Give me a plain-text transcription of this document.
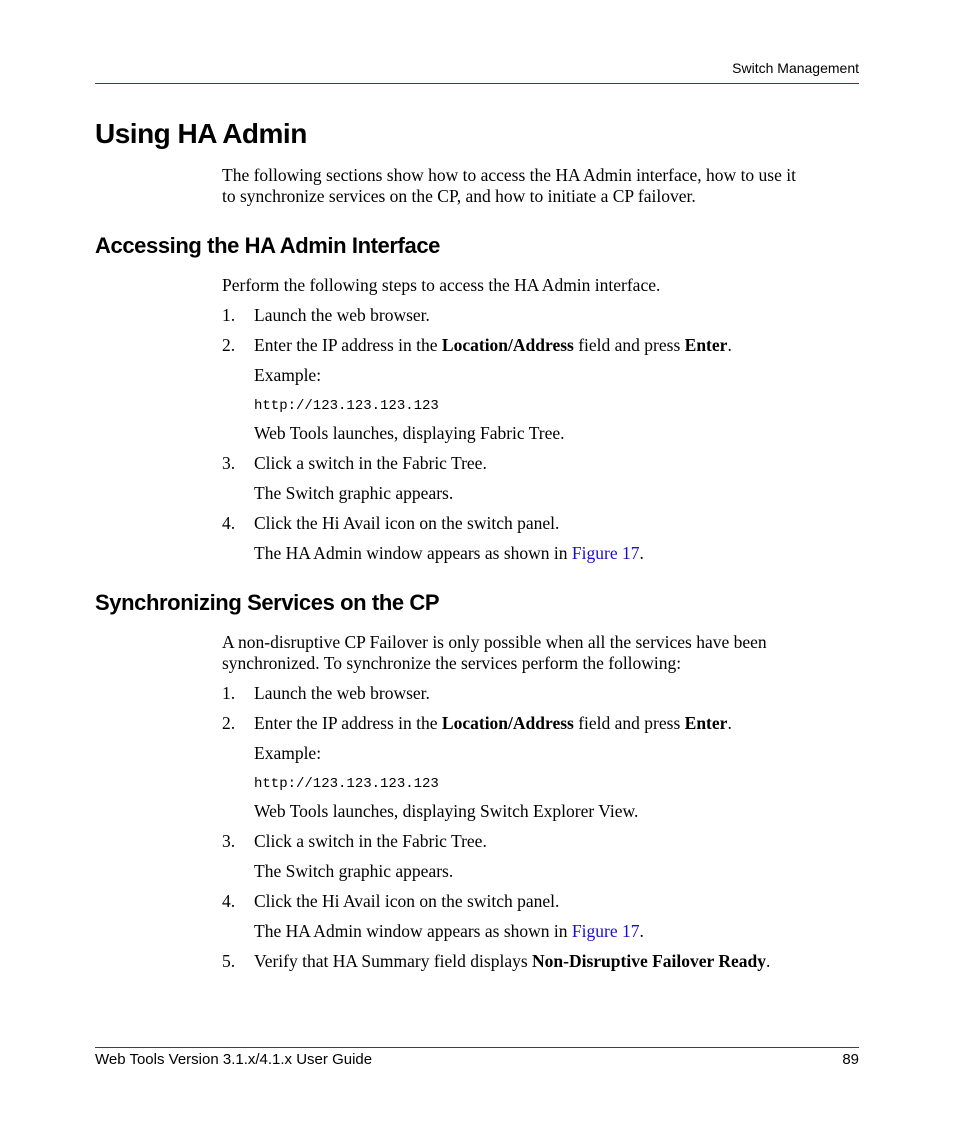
Switch Management
Using HA Admin
The following sections show how to access the HA Admin interface, how to use it
to synchronize services on the CP, and how to initiate a CP failover.
Accessing the HA Admin Interface
Perform the following steps to access the HA Admin interface.
1. Launch the web browser.
2. Enter the IP address in the Location/Address field and press Enter.
Example:
http://123.123.123.123
Web Tools launches, displaying Fabric Tree.
3. Click a switch in the Fabric Tree.
The Switch graphic appears.
4. Click the Hi Avail icon on the switch panel.
The HA Admin window appears as shown in Figure 17.
Synchronizing Services on the CP
A non-disruptive CP Failover is only possible when all the services have been
synchronized. To synchronize the services perform the following:
1. Launch the web browser.
2. Enter the IP address in the Location/Address field and press Enter.
Example:
http://123.123.123.123
Web Tools launches, displaying Switch Explorer View.
3. Click a switch in the Fabric Tree.
The Switch graphic appears.
4. Click the Hi Avail icon on the switch panel.
The HA Admin window appears as shown in Figure 17.
5. Verify that HA Summary field displays Non-Disruptive Failover Ready.
Web Tools Version 3.1.x/4.1.x User Guide	89
